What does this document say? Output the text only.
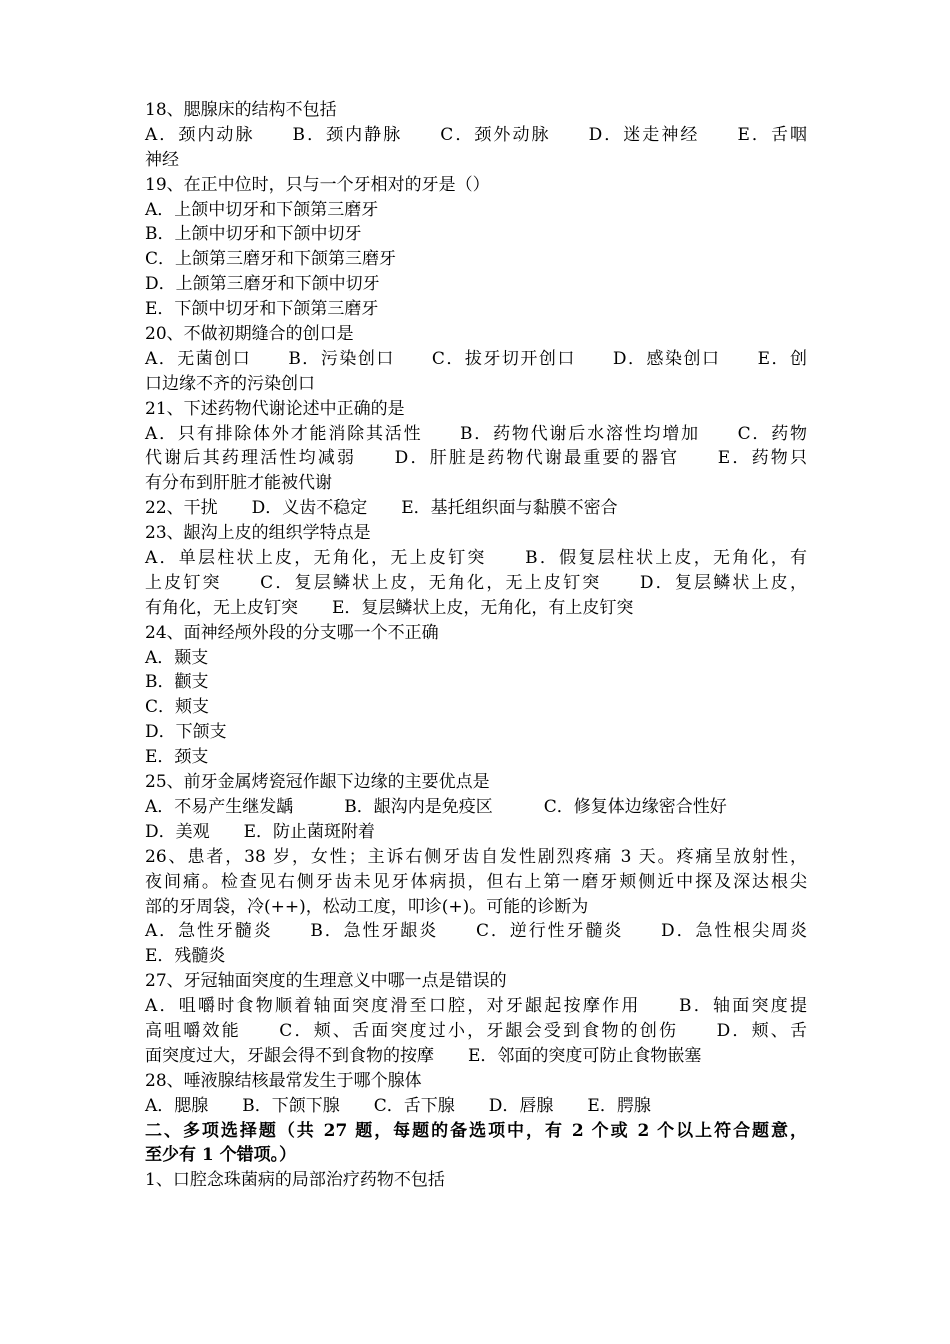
18、腮腺床的结构不包括
A．颈内动脉　　B．颈内静脉　　C．颈外动脉　　D．迷走神经　　E．舌咽
神经
19、在正中位时，只与一个牙相对的牙是（）
A．上颌中切牙和下颌第三磨牙
B．上颌中切牙和下颌中切牙
C．上颌第三磨牙和下颌第三磨牙
D．上颌第三磨牙和下颌中切牙
E．下颌中切牙和下颌第三磨牙
20、不做初期缝合的创口是
A．无菌创口　　B．污染创口　　C．拔牙切开创口　　D．感染创口　　E．创
口边缘不齐的污染创口
21、下述药物代谢论述中正确的是
A．只有排除体外才能消除其活性　　B．药物代谢后水溶性均增加　　C．药物
代谢后其药理活性均减弱　　D．肝脏是药物代谢最重要的器官　　E．药物只
有分布到肝脏才能被代谢
22、干扰　　D．义齿不稳定　　E．基托组织面与黏膜不密合
23、龈沟上皮的组织学特点是
A．单层柱状上皮，无角化，无上皮钉突　　B．假复层柱状上皮，无角化，有
上皮钉突　　C．复层鳞状上皮，无角化，无上皮钉突　　D．复层鳞状上皮，
有角化，无上皮钉突　　E．复层鳞状上皮，无角化，有上皮钉突
24、面神经颅外段的分支哪一个不正确
A．颞支
B．颧支
C．颊支
D．下颌支
E．颈支
25、前牙金属烤瓷冠作龈下边缘的主要优点是
A．不易产生继发龋　　　B．龈沟内是免疫区　　　C．修复体边缘密合性好
D．美观　　E．防止菌斑附着
26、患者，38 岁，女性；主诉右侧牙齿自发性剧烈疼痛 3 天。疼痛呈放射性，
夜间痛。检查见右侧牙齿未见牙体病损，但右上第一磨牙颊侧近中探及深达根尖
部的牙周袋，冷(++)，松动工度，叩诊(+)。可能的诊断为
A．急性牙髓炎　　B．急性牙龈炎　　C．逆行性牙髓炎　　D．急性根尖周炎
E．残髓炎
27、牙冠轴面突度的生理意义中哪一点是错误的
A．咀嚼时食物顺着轴面突度滑至口腔，对牙龈起按摩作用　　B．轴面突度提
高咀嚼效能　　C．颊、舌面突度过小，牙龈会受到食物的创伤　　D．颊、舌
面突度过大，牙龈会得不到食物的按摩　　E．邻面的突度可防止食物嵌塞
28、唾液腺结核最常发生于哪个腺体
A．腮腺　　B．下颌下腺　　C．舌下腺　　D．唇腺　　E．腭腺
二、多项选择题（共 27 题，每题的备选项中，有 2 个或 2 个以上符合题意，
至少有 1 个错项。）
1、口腔念珠菌病的局部治疗药物不包括
